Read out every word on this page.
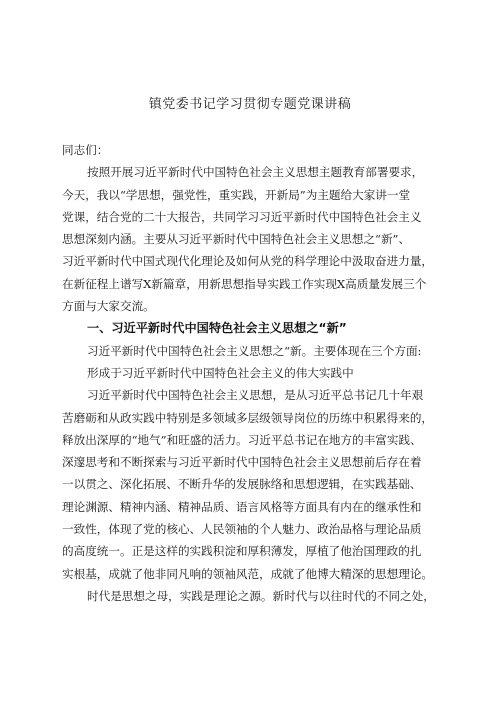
镇党委书记学习贯彻专题党课讲稿
同志们：
按照开展习近平新时代中国特色社会主义思想主题教育部署要求，
今天，我以“学思想，强党性，重实践，开新局”为主题给大家讲一堂
党课，结合党的二十大报告，共同学习习近平新时代中国特色社会主义
思想深刻内涵。主要从习近平新时代中国特色社会主义思想之“新”、
习近平新时代中国式现代化理论及如何从党的科学理论中汲取奋进力量，
在新征程上谱写X新篇章，用新思想指导实践工作实现X高质量发展三个
方面与大家交流。
一、习近平新时代中国特色社会主义思想之“新”
习近平新时代中国特色社会主义思想之“新。主要体现在三个方面:
形成于习近平新时代中国特色社会主义的伟大实践中
习近平新时代中国特色社会主义思想，是从习近平总书记几十年艰
苦磨砺和从政实践中特别是多领域多层级领导岗位的历练中积累得来的，
释放出深厚的“地气”和旺盛的活力。习近平总书记在地方的丰富实践、
深邃思考和不断探索与习近平新时代中国特色社会主义思想前后存在着
一以贯之、深化拓展、不断升华的发展脉络和思想逻辑，在实践基础、
理论渊源、精神内涵、精神品质、语言风格等方面具有内在的继承性和
一致性，体现了党的核心、人民领袖的个人魅力、政治品格与理论品质
的高度统一。正是这样的实践积淀和厚积薄发，厚植了他治国理政的扎
实根基，成就了他非同凡响的领袖风范，成就了他博大精深的思想理论。
时代是思想之母，实践是理论之源。新时代与以往时代的不同之处，
